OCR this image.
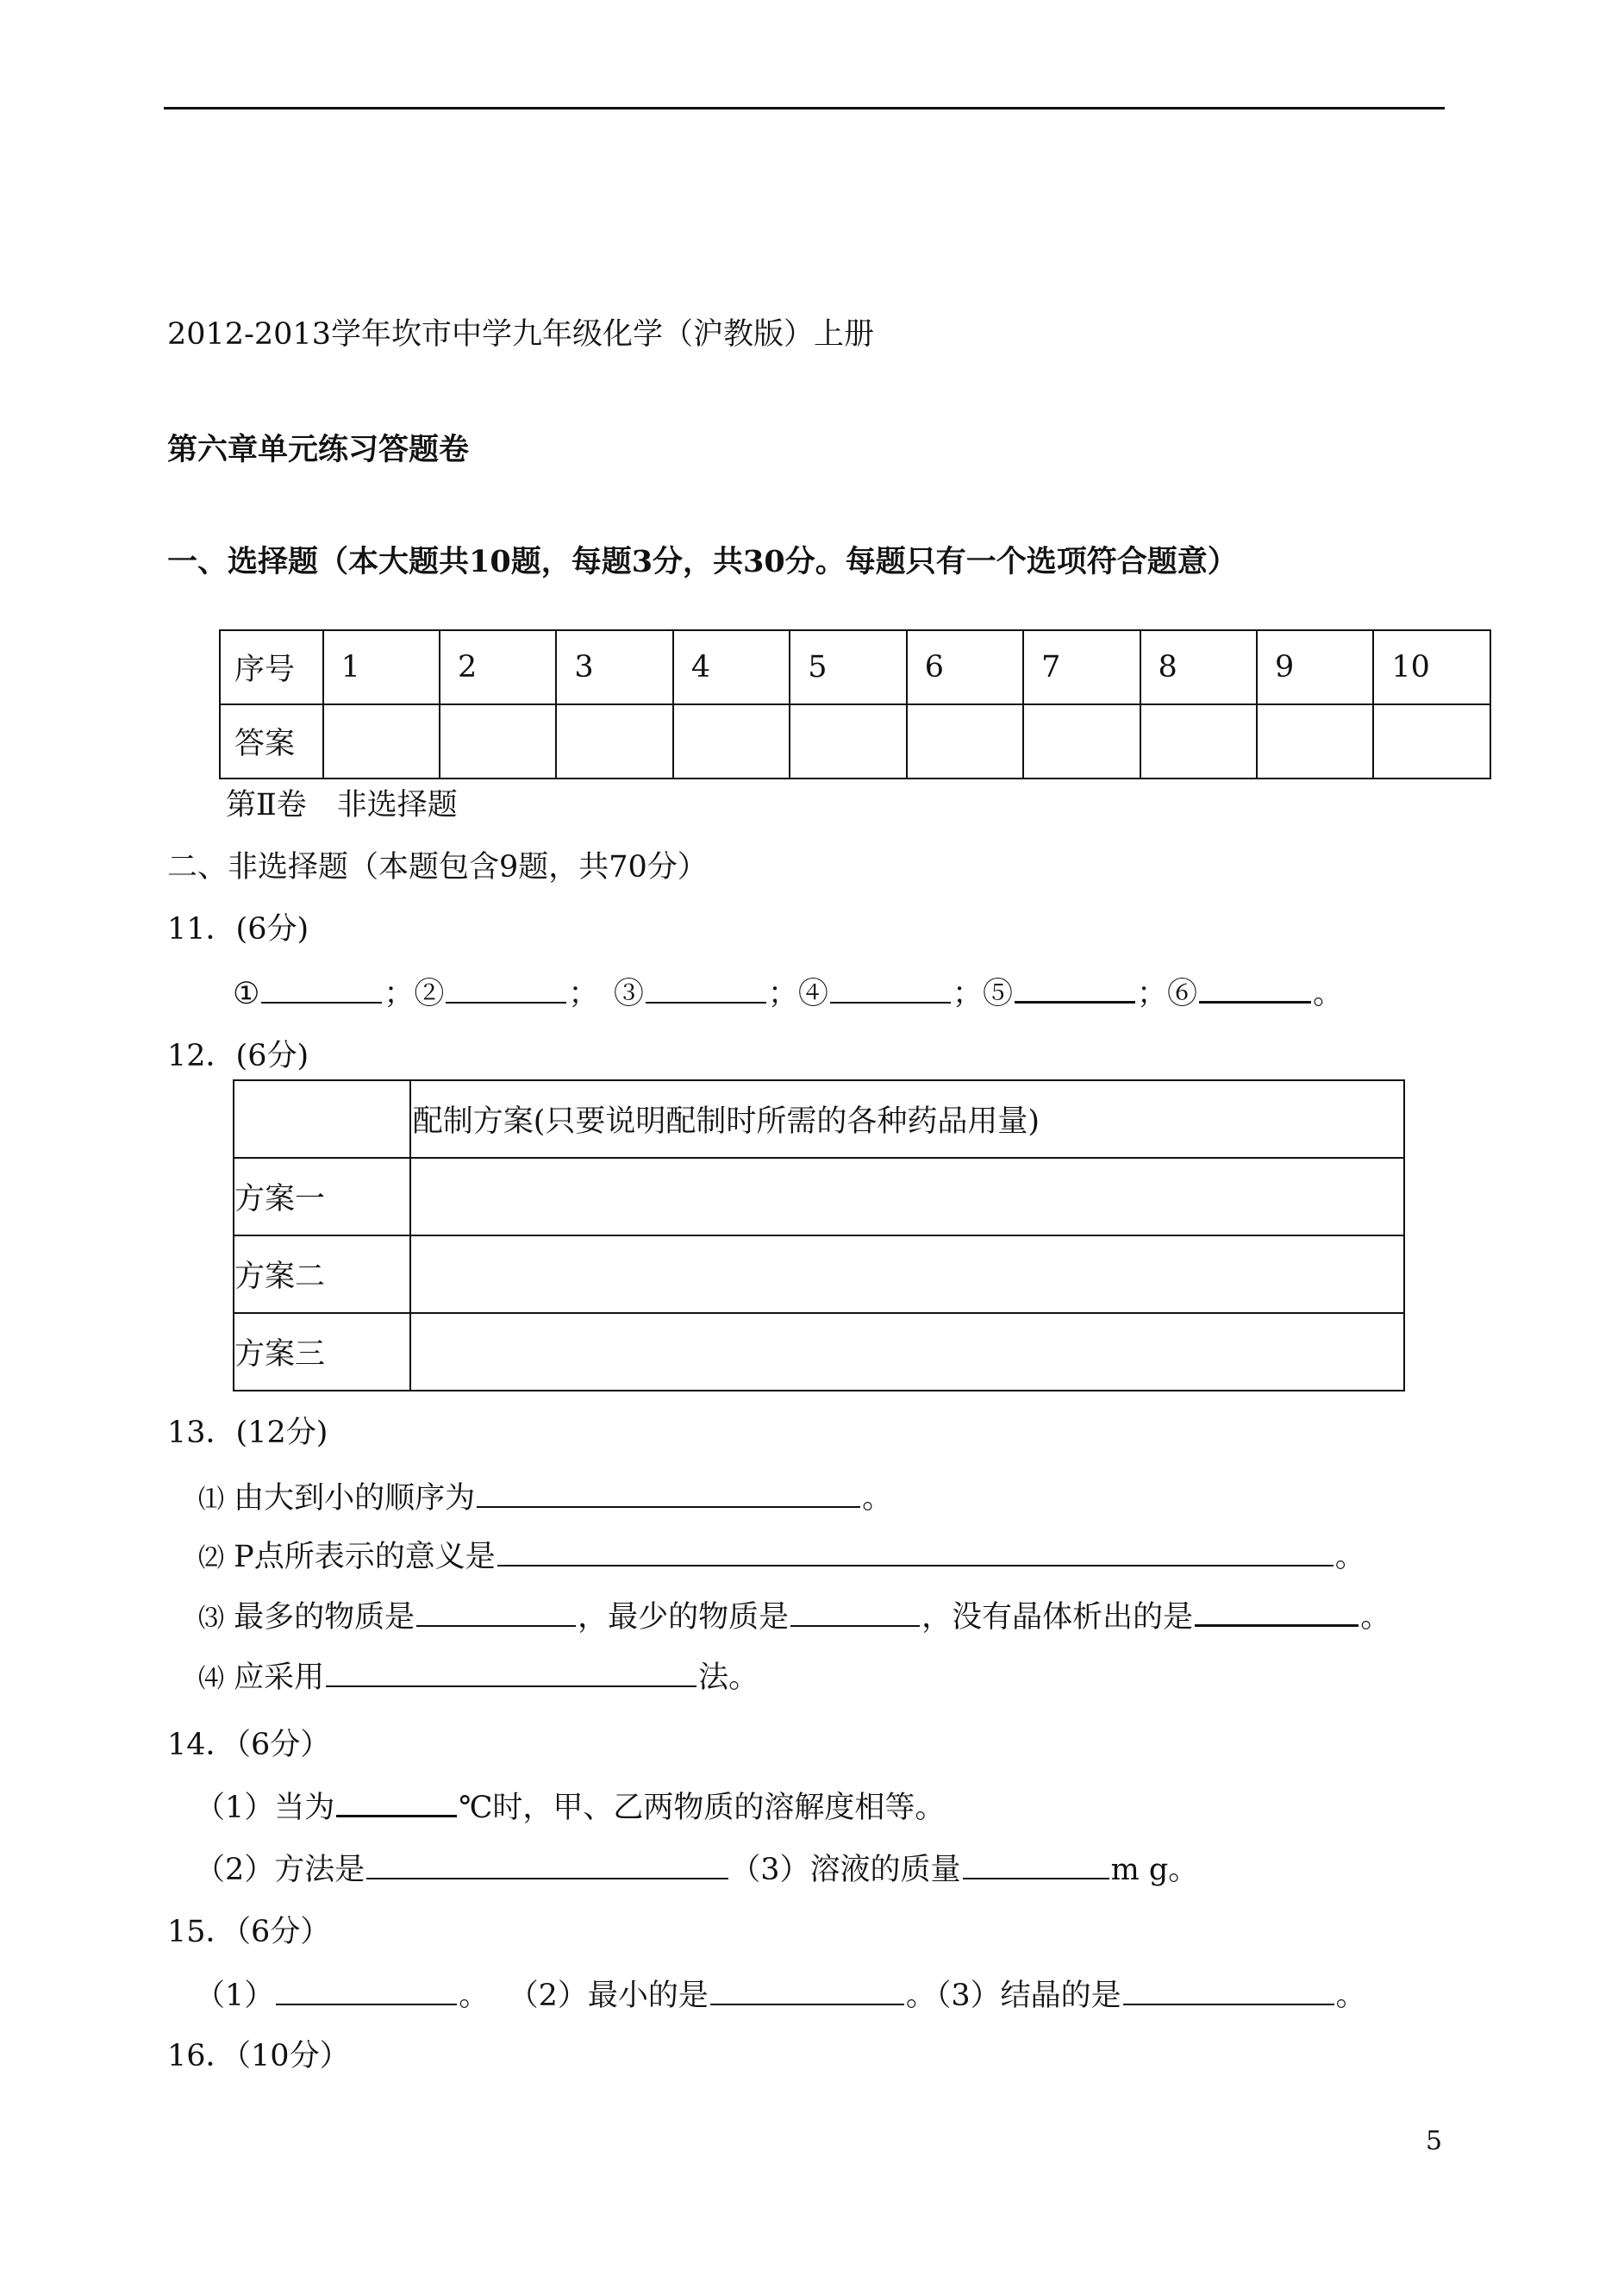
2012-2013学年坎市中学九年级化学（沪教版）上册
第六章单元练习答题卷
一、选择题（本大题共10题，每题3分，共30分。每题只有一个选项符合题意）
序号	1	2	3	4	5	6	7	8	9	10
答案										
第Ⅱ卷　非选择题
二、非选择题（本题包含9题，共70分）
11．(6分)
①	；②	；　③	；④	；⑤	；⑥	。
12．(6分)
	配制方案(只要说明配制时所需的各种药品用量)
方案一	
方案二	
方案三	
13．(12分)
⑴ 由大到小的顺序为	。
⑵ P点所表示的意义是	。
⑶ 最多的物质是	，最少的物质是	，没有晶体析出的是	。
⑷ 应采用	法。
14．（6分）
（1）当为	℃时，甲、乙两物质的溶解度相等。
（2）方法是	（3）溶液的质量	m g。
15．（6分）
（1）	。 （2）最小的是	。（3）结晶的是	。
16．（10分）
5
